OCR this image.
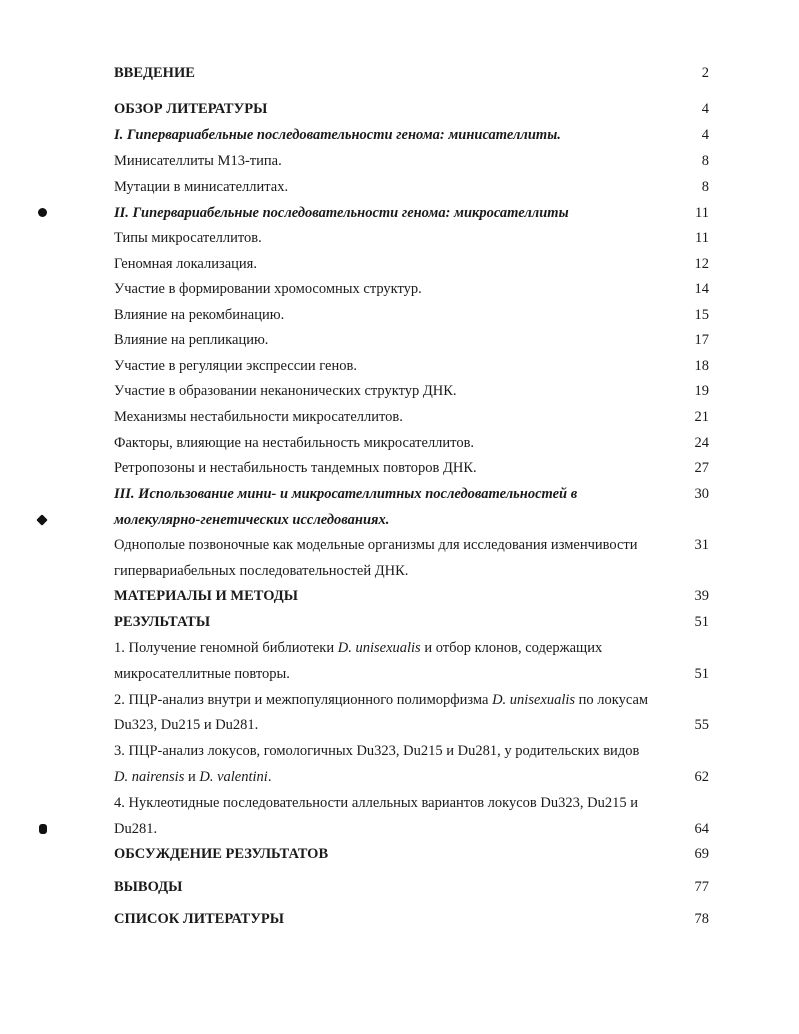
ВВЕДЕНИЕ	2
ОБЗОР ЛИТЕРАТУРЫ	4
I. Гипервариабельные последовательности генома: минисателлиты.	4
Минисателлиты М13-типа.	8
Мутации в минисателлитах.	8
II. Гипервариабельные последовательности генома: микросателлиты	11
Типы микросателлитов.	11
Геномная локализация.	12
Участие в формировании хромосомных структур.	14
Влияние на рекомбинацию.	15
Влияние на репликацию.	17
Участие в регуляции экспрессии генов.	18
Участие в образовании неканонических структур ДНК.	19
Механизмы нестабильности микросателлитов.	21
Факторы, влияющие на нестабильность микросателлитов.	24
Ретропозоны и нестабильность тандемных повторов ДНК.	27
III. Использование мини- и микросателлитных последовательностей в	30
молекулярно-генетических исследованиях.
Однополые позвоночные как модельные организмы для исследования изменчивости	31
гипервариабельных последовательностей ДНК.
МАТЕРИАЛЫ И МЕТОДЫ	39
РЕЗУЛЬТАТЫ	51
1. Получение геномной библиотеки D. unisexualis и отбор клонов, содержащих
микросателлитные повторы.	51
2. ПЦР-анализ внутри и межпопуляционного полиморфизма D. unisexualis по локусам
Du323, Du215 и Du281.	55
3. ПЦР-анализ локусов, гомологичных Du323, Du215 и Du281, у родительских видов
D. nairensis и D. valentini.	62
4. Нуклеотидные последовательности аллельных вариантов локусов Du323, Du215 и
Du281.	64
ОБСУЖДЕНИЕ РЕЗУЛЬТАТОВ	69
ВЫВОДЫ	77
СПИСОК ЛИТЕРАТУРЫ	78
